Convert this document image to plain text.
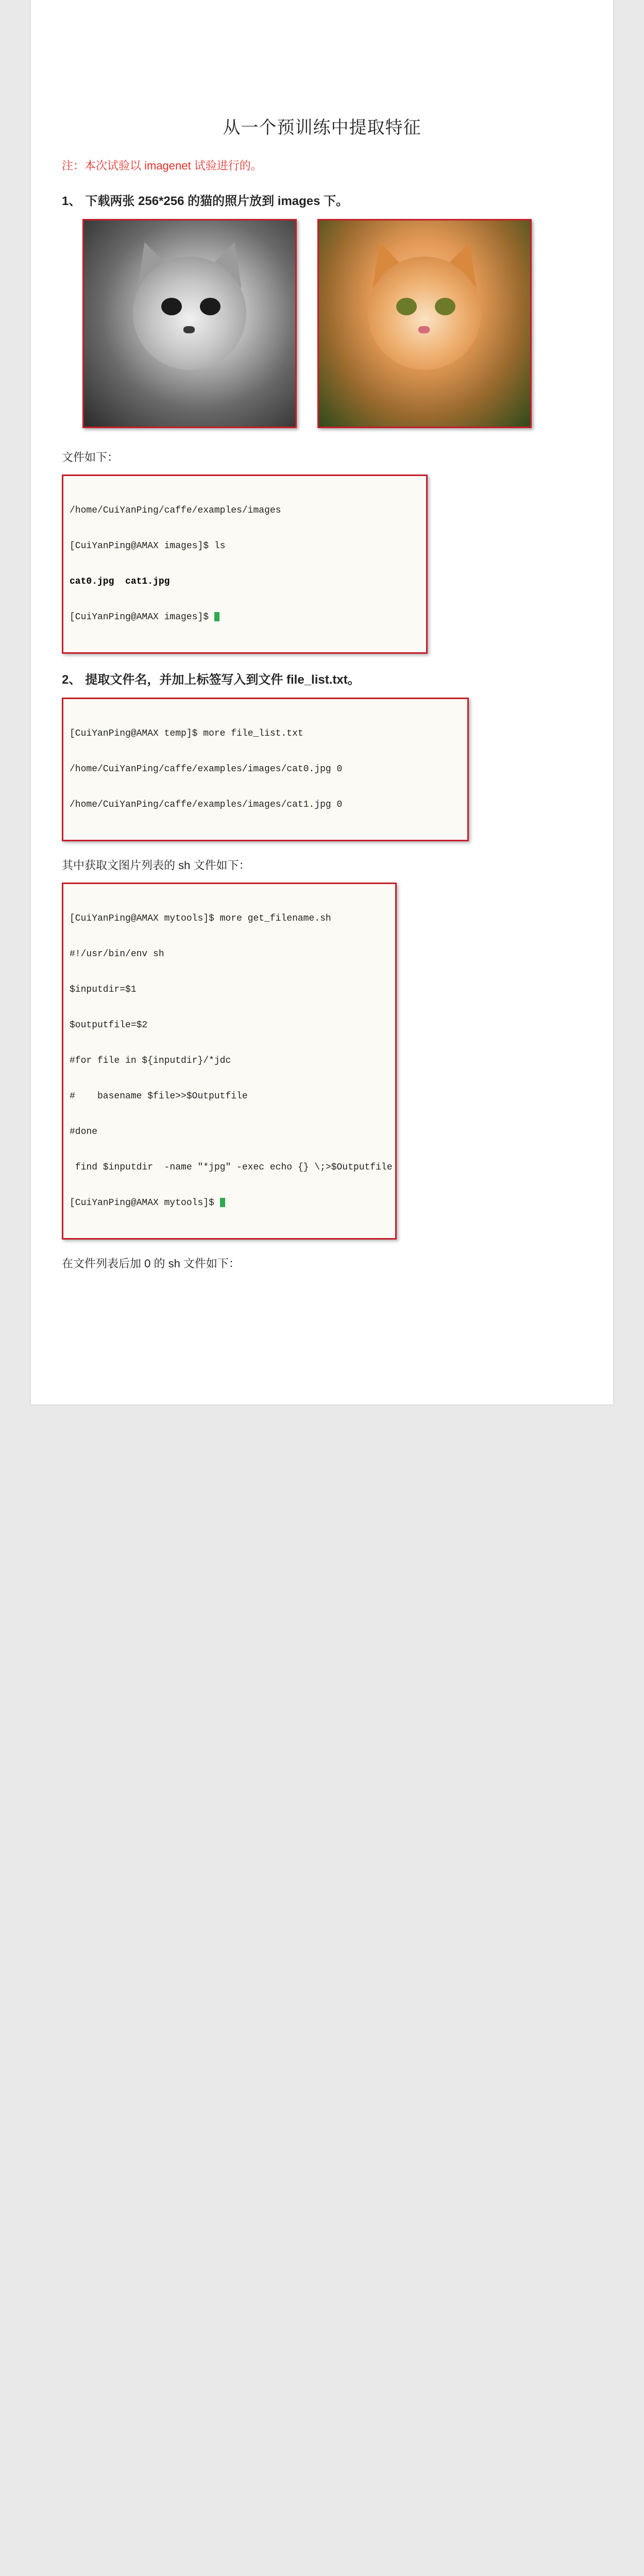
从一个预训练中提取特征
注：本次试验以 imagenet 试验进行的。
1、 下载两张 256*256 的猫的照片放到 images 下。
文件如下：

/home/CuiYanPing/caffe/examples/images

[CuiYanPing@AMAX images]$ ls

cat0.jpg  cat1.jpg

[CuiYanPing@AMAX images]$

2、 提取文件名，并加上标签写入到文件 file_list.txt。

[CuiYanPing@AMAX temp]$ more file_list.txt

/home/CuiYanPing/caffe/examples/images/cat0.jpg 0

/home/CuiYanPing/caffe/examples/images/cat1.jpg 0

其中获取文图片列表的 sh 文件如下：

[CuiYanPing@AMAX mytools]$ more get_filename.sh

#!/usr/bin/env sh

$inputdir=$1

$outputfile=$2

#for file in ${inputdir}/*jdc

#    basename $file>>$Outputfile

#done

find $inputdir  -name "*jpg" -exec echo {} \;>$Outputfile

[CuiYanPing@AMAX mytools]$

在文件列表后加 0 的 sh 文件如下：
